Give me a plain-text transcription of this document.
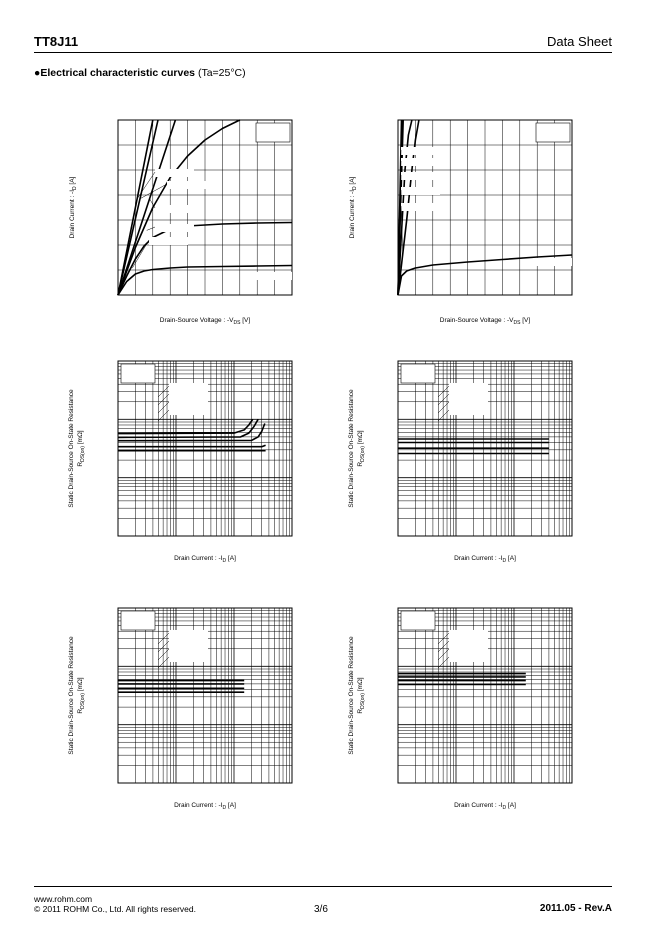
TT8J11	Data Sheet
●Electrical characteristic curves (Ta=25°C)
Drain-Source Voltage : $-V_{DS}$ [V]
Drain Current : $-I_D$ [A]
Drain-Source Voltage : $-V_{DS}$ [V]
Drain Current : $-I_D$ [A]
Drain Current : $-I_D$ [A]
Static Drain-Source On-State Resistance $R_{DS(on)}$ [mΩ]
Drain Current : $-I_D$ [A]
Static Drain-Source On-State Resistance $R_{DS(on)}$ [mΩ]
Drain Current : $-I_D$ [A]
Static Drain-Source On-State Resistance $R_{DS(on)}$ [mΩ]
Drain Current : $-I_D$ [A]
Static Drain-Source On-State Resistance $R_{DS(on)}$ [mΩ]
www.rohm.com
© 2011 ROHM Co., Ltd. All rights reserved.	3/6	2011.05 - Rev.A
